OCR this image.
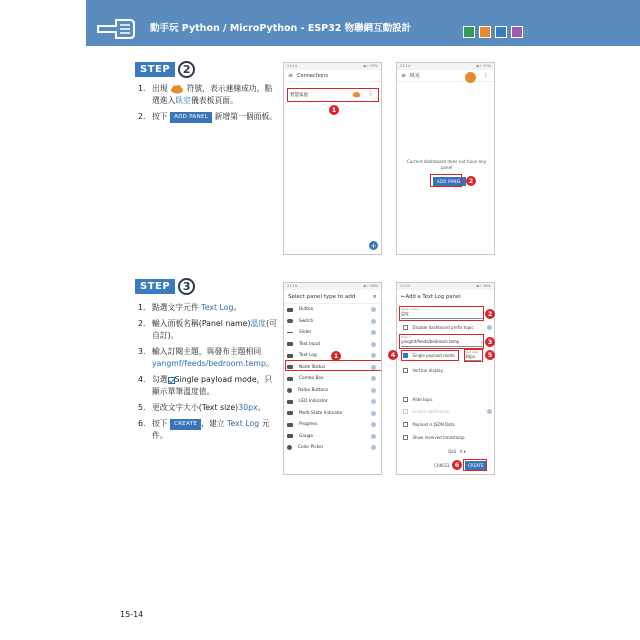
動手玩 Python / MicroPython - ESP32 物聯網互動設計
STEP	2
1. 出現 符號，表示連線成功，點選進入臥室儀表板頁面。
2. 按下 ADD PANEL 新增第一個面板。
21:14	◀ ⚡ 97%
≡ Connections
智慧家庭	⋮
1
+
21:14	◀ ⚡ 97%
≡ 臥室	⋮
Current dashboard does not have any
panel
ADD PANEL	2
STEP	3
1. 點選文字元件 Text Log。
2. 輸入面板名稱(Panel name)溫度(可自訂)。
3. 輸入訂閱主題，與發布主題相同 yangmf/feeds/bedroom.temp。
4. 勾選 Single payload mode，只顯示單筆溫度值。
5. 更改文字大小(Text size)30px。
6. 按下 CREATE ，建立 Text Log 元件。
21:16	◀ ⚡ 96%
Select panel type to add	×
Button
Switch
Slider
Text Input
Text Log
Node Status
Combo Box
Radio Buttons
LED Indicator
Multi-State Indicator
Progress
Gauge
Color Picker
1
21:22	◀ ⚡ 96%
← Add a Text Log panel
Panel name *
溫度	2
Disable dashboard prefix topic
Topic *
yangmf/feeds/bedroom.temp	3
Single payload mode
4	Text size
30px	5
Vertical display
Hide topic
Enable notification
Payload is JSON Data
Show received timestamp
QoS 0 ▾
CANCEL	CREATE
6
15-14
